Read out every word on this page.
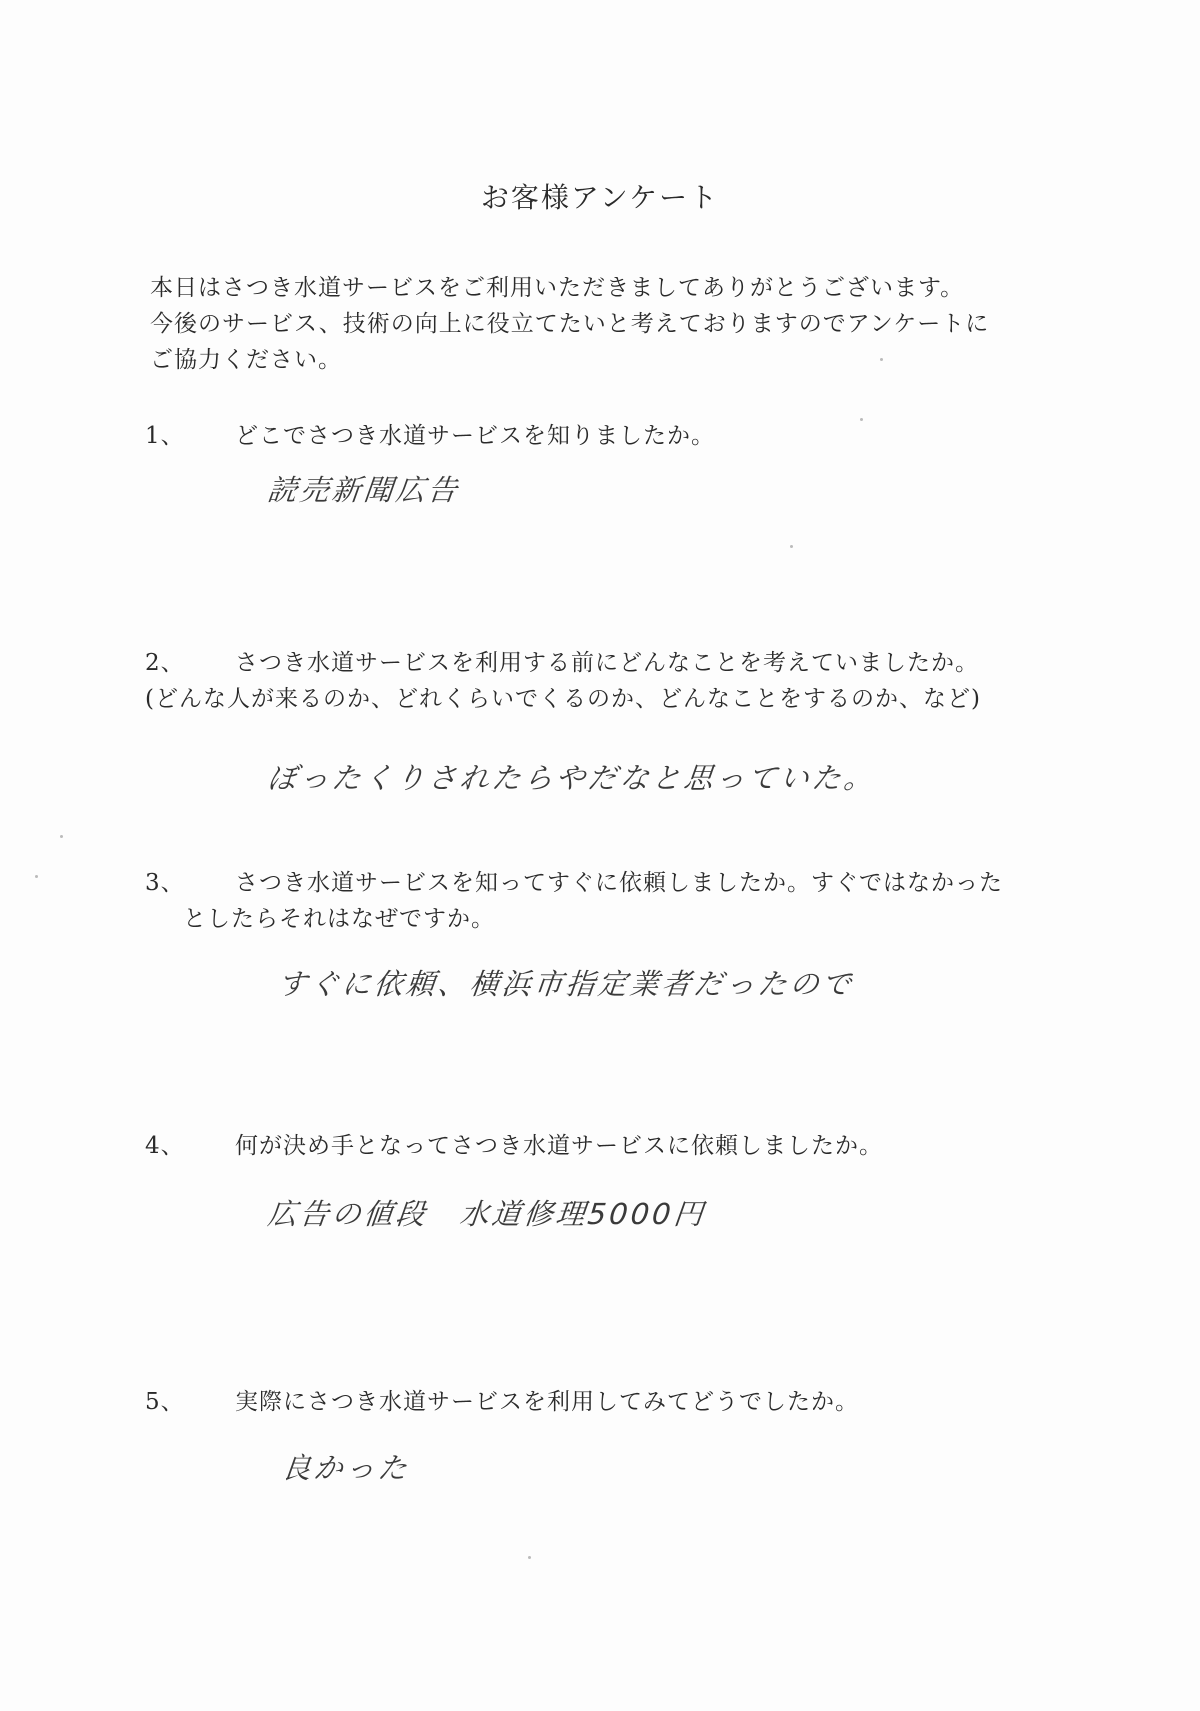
お客様アンケート
本日はさつき水道サービスをご利用いただきましてありがとうございます。
今後のサービス、技術の向上に役立てたいと考えておりますのでアンケートに
ご協力ください。
1、 どこでさつき水道サービスを知りましたか。
読売新聞広告
2、 さつき水道サービスを利用する前にどんなことを考えていましたか。
(どんな人が来るのか、どれくらいでくるのか、どんなことをするのか、など)
ぼったくりされたらやだなと思っていた。
3、 さつき水道サービスを知ってすぐに依頼しましたか。すぐではなかった
としたらそれはなぜですか。
すぐに依頼、横浜市指定業者だったので
4、 何が決め手となってさつき水道サービスに依頼しましたか。
広告の値段　水道修理5000円
5、 実際にさつき水道サービスを利用してみてどうでしたか。
良かった
